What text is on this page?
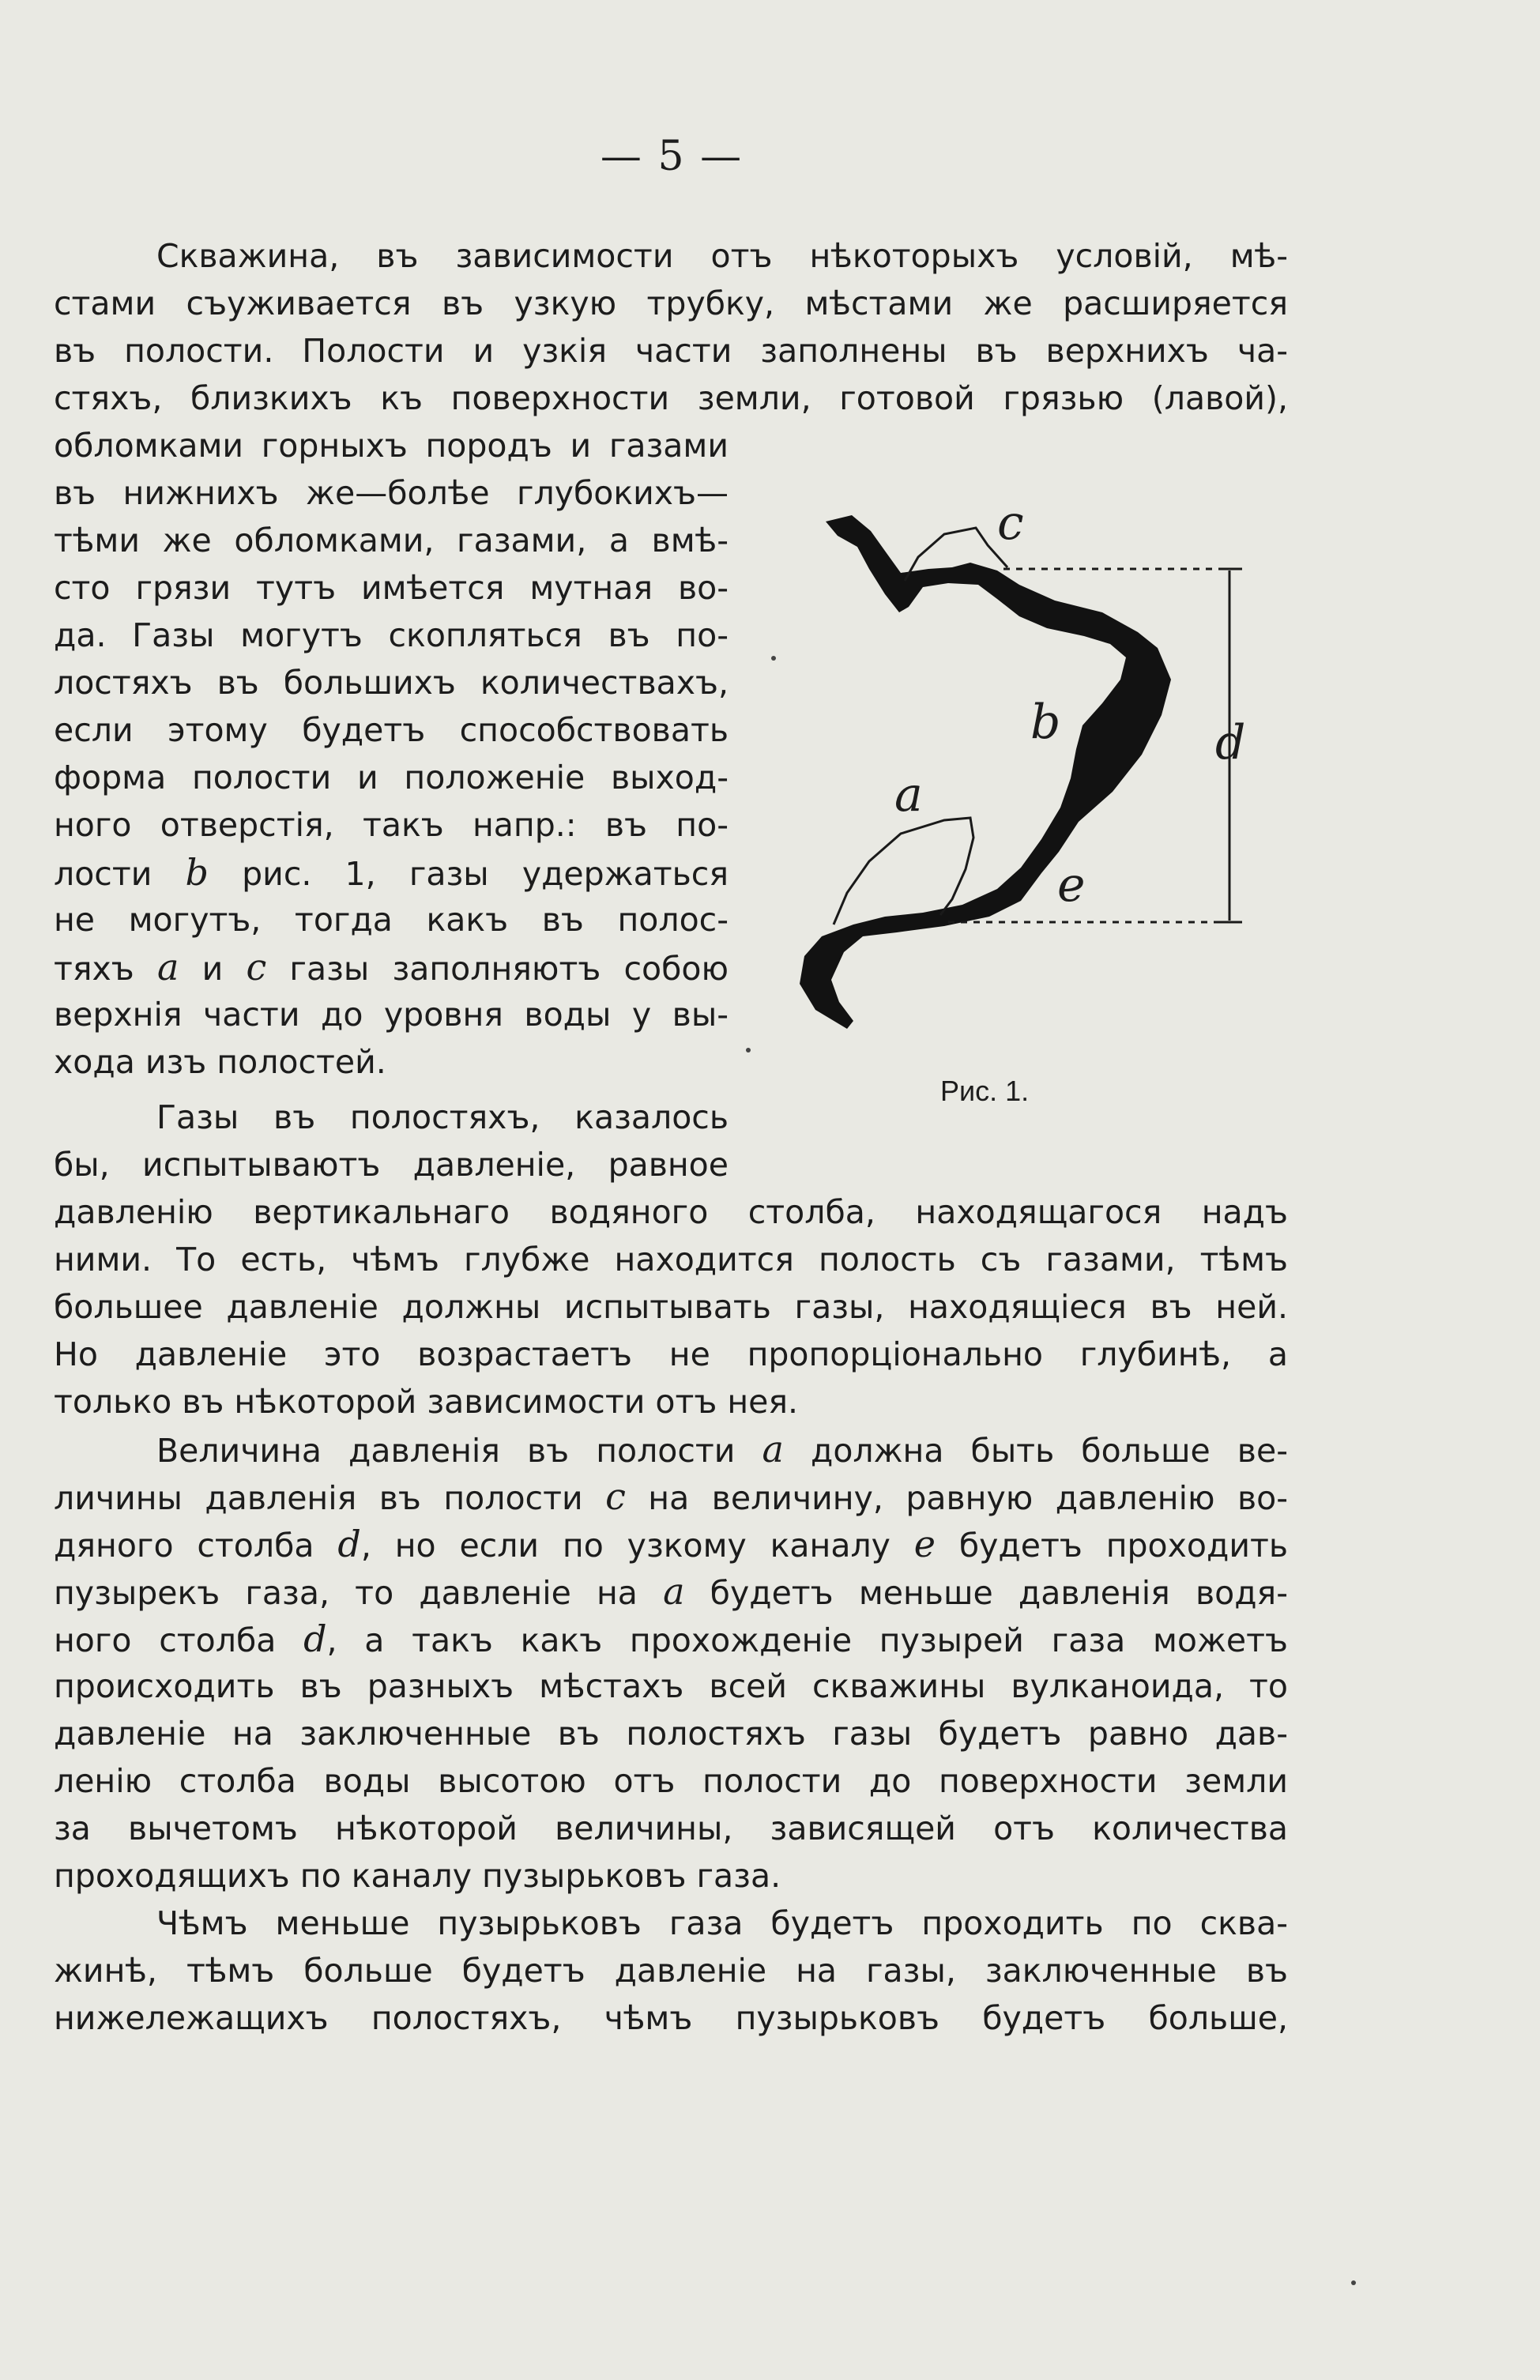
— 5 —
Скважина, въ зависимости отъ нѣкоторыхъ условій, мѣ-
стами съуживается въ узкую трубку, мѣстами же расширяется
въ полости. Полости и узкія части заполнены въ верхнихъ ча-
стяхъ, близкихъ къ поверхности земли, готовой грязью (лавой),
обломками горныхъ породъ и газами
въ нижнихъ же—болѣе глубокихъ—
тѣми же обломками, газами, а вмѣ-
сто грязи тутъ имѣется мутная во-
да. Газы могутъ скопляться въ по-
лостяхъ въ большихъ количествахъ,
если этому будетъ способствовать
форма полости и положеніе выход-
ного отверстія, такъ напр.: въ по-
лости b рис. 1, газы удержаться
не могутъ, тогда какъ въ полос-
тяхъ a и c газы заполняютъ собою
верхнія части до уровня воды у вы-
хода изъ полостей.
Газы въ полостяхъ, казалось
бы, испытываютъ давленіе, равное
давленію вертикальнаго водяного столба, находящагося надъ
ними. То есть, чѣмъ глубже находится полость съ газами, тѣмъ
большее давленіе должны испытывать газы, находящіеся въ ней.
Но давленіе это возрастаетъ не пропорціонально глубинѣ, а
только въ нѣкоторой зависимости отъ нея.
Величина давленія въ полости a должна быть больше ве-
личины давленія въ полости c на величину, равную давленію во-
дяного столба d, но если по узкому каналу e будетъ проходить
пузырекъ газа, то давленіе на a будетъ меньше давленія водя-
ного столба d, а такъ какъ прохожденіе пузырей газа можетъ
происходить въ разныхъ мѣстахъ всей скважины вулканоида, то
давленіе на заключенные въ полостяхъ газы будетъ равно дав-
ленію столба воды высотою отъ полости до поверхности земли
за вычетомъ нѣкоторой величины, зависящей отъ количества
проходящихъ по каналу пузырьковъ газа.
Чѣмъ меньше пузырьковъ газа будетъ проходить по сква-
жинѣ, тѣмъ больше будетъ давленіе на газы, заключенные въ
нижележащихъ полостяхъ, чѣмъ пузырьковъ будетъ больше,
c
b	d
a
e
Рис. 1.
